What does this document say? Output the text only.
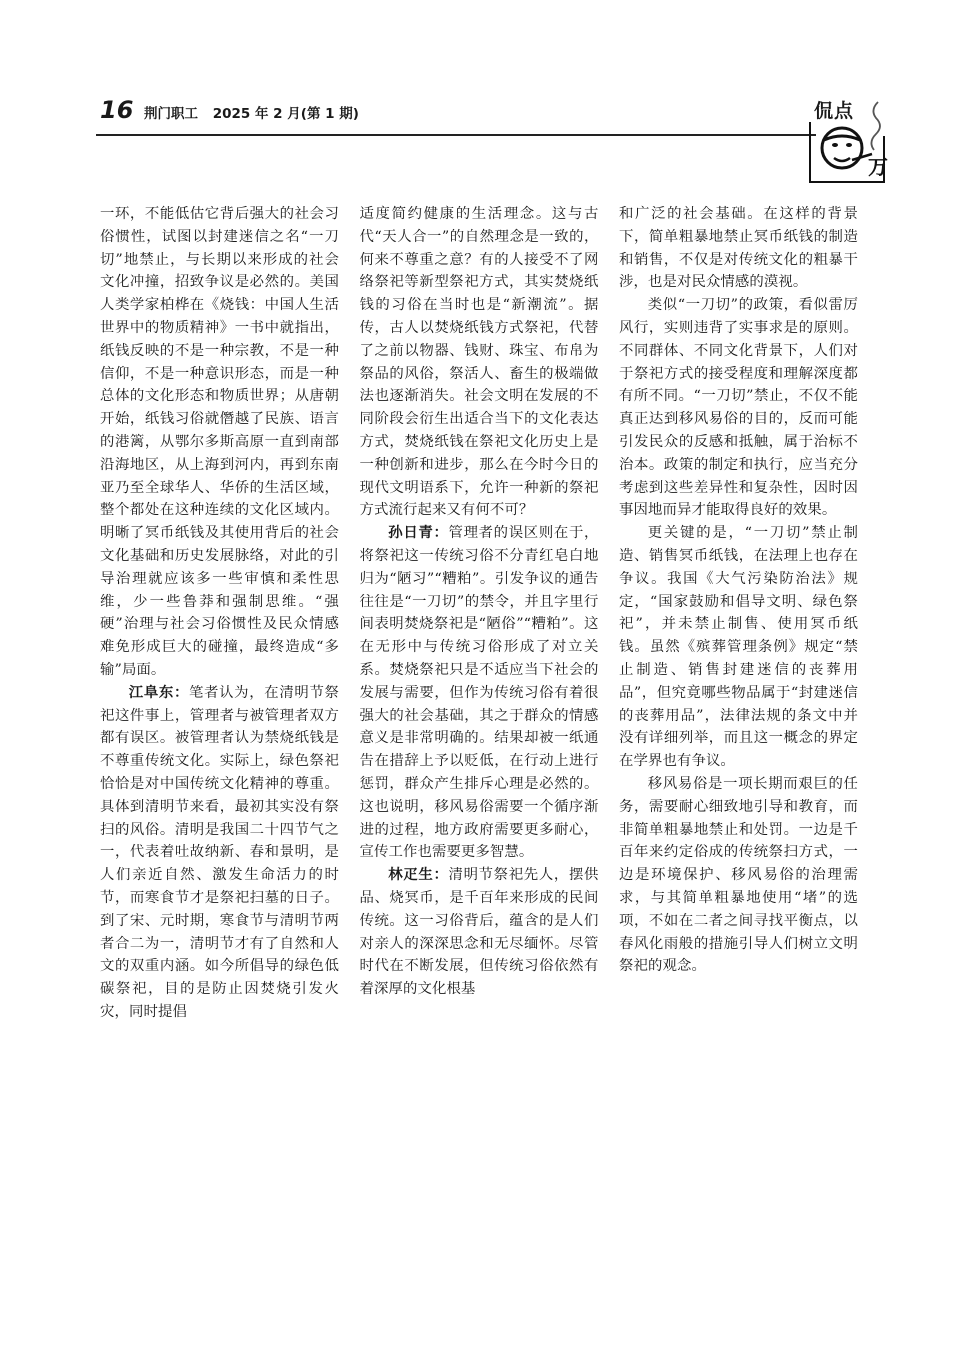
16 荆门职工 2025 年 2 月(第 1 期)
万
侃点

一环，不能低估它背后强大的社会习俗惯性，试图以封建迷信之名“一刀切”地禁止，与长期以来形成的社会文化冲撞，招致争议是必然的。美国人类学家柏桦在《烧钱：中国人生活世界中的物质精神》一书中就指出，纸钱反映的不是一种宗教，不是一种信仰，不是一种意识形态，而是一种总体的文化形态和物质世界；从唐朝开始，纸钱习俗就僭越了民族、语言的港篱，从鄂尔多斯高原一直到南部沿海地区，从上海到河内，再到东南亚乃至全球华人、华侨的生活区域，整个都处在这种连续的文化区域内。明晰了冥币纸钱及其使用背后的社会文化基础和历史发展脉络，对此的引导治理就应该多一些审慎和柔性思维，少一些鲁莽和强制思维。“强硬”治理与社会习俗惯性及民众情感难免形成巨大的碰撞，最终造成“多输”局面。

江阜东：笔者认为，在清明节祭祀这件事上，管理者与被管理者双方都有误区。被管理者认为禁烧纸钱是不尊重传统文化。实际上，绿色祭祀恰恰是对中国传统文化精神的尊重。具体到清明节来看，最初其实没有祭扫的风俗。清明是我国二十四节气之一，代表着吐故纳新、春和景明，是人们亲近自然、激发生命活力的时节，而寒食节才是祭祀扫墓的日子。到了宋、元时期，寒食节与清明节两者合二为一，清明节才有了自然和人文的双重内涵。如今所倡导的绿色低碳祭祀，目的是防止因焚烧引发火灾，同时提倡

适度简约健康的生活理念。这与古代“天人合一”的自然理念是一致的，何来不尊重之意？有的人接受不了网络祭祀等新型祭祀方式，其实焚烧纸钱的习俗在当时也是“新潮流”。据传，古人以焚烧纸钱方式祭祀，代替了之前以物器、钱财、珠宝、布帛为祭品的风俗，祭活人、畜生的极端做法也逐渐消失。社会文明在发展的不同阶段会衍生出适合当下的文化表达方式，焚烧纸钱在祭祀文化历史上是一种创新和进步，那么在今时今日的现代文明语系下，允许一种新的祭祀方式流行起来又有何不可？

孙日青：管理者的误区则在于，将祭祀这一传统习俗不分青红皂白地归为“陋习”“糟粕”。引发争议的通告往往是“一刀切”的禁令，并且字里行间表明焚烧祭祀是“陋俗”“糟粕”。这在无形中与传统习俗形成了对立关系。焚烧祭祀只是不适应当下社会的发展与需要，但作为传统习俗有着很强大的社会基础，其之于群众的情感意义是非常明确的。结果却被一纸通告在措辞上予以贬低，在行动上进行惩罚，群众产生排斥心理是必然的。这也说明，移风易俗需要一个循序渐进的过程，地方政府需要更多耐心，宣传工作也需要更多智慧。

林疋生：清明节祭祀先人，摆供品、烧冥币，是千百年来形成的民间传统。这一习俗背后，蕴含的是人们对亲人的深深思念和无尽缅怀。尽管时代在不断发展，但传统习俗依然有着深厚的文化根基

和广泛的社会基础。在这样的背景下，简单粗暴地禁止冥币纸钱的制造和销售，不仅是对传统文化的粗暴干涉，也是对民众情感的漠视。

类似“一刀切”的政策，看似雷厉风行，实则违背了实事求是的原则。不同群体、不同文化背景下，人们对于祭祀方式的接受程度和理解深度都有所不同。“一刀切”禁止，不仅不能真正达到移风易俗的目的，反而可能引发民众的反感和抵触，属于治标不治本。政策的制定和执行，应当充分考虑到这些差异性和复杂性，因时因事因地而异才能取得良好的效果。

更关键的是，“一刀切”禁止制造、销售冥币纸钱，在法理上也存在争议。我国《大气污染防治法》规定，“国家鼓励和倡导文明、绿色祭祀”，并未禁止制售、使用冥币纸钱。虽然《殡葬管理条例》规定“禁止制造、销售封建迷信的丧葬用品”，但究竟哪些物品属于“封建迷信的丧葬用品”，法律法规的条文中并没有详细列举，而且这一概念的界定在学界也有争议。

移风易俗是一项长期而艰巨的任务，需要耐心细致地引导和教育，而非简单粗暴地禁止和处罚。一边是千百年来约定俗成的传统祭扫方式，一边是环境保护、移风易俗的治理需求，与其简单粗暴地使用“堵”的选项，不如在二者之间寻找平衡点，以春风化雨般的措施引导人们树立文明祭祀的观念。
